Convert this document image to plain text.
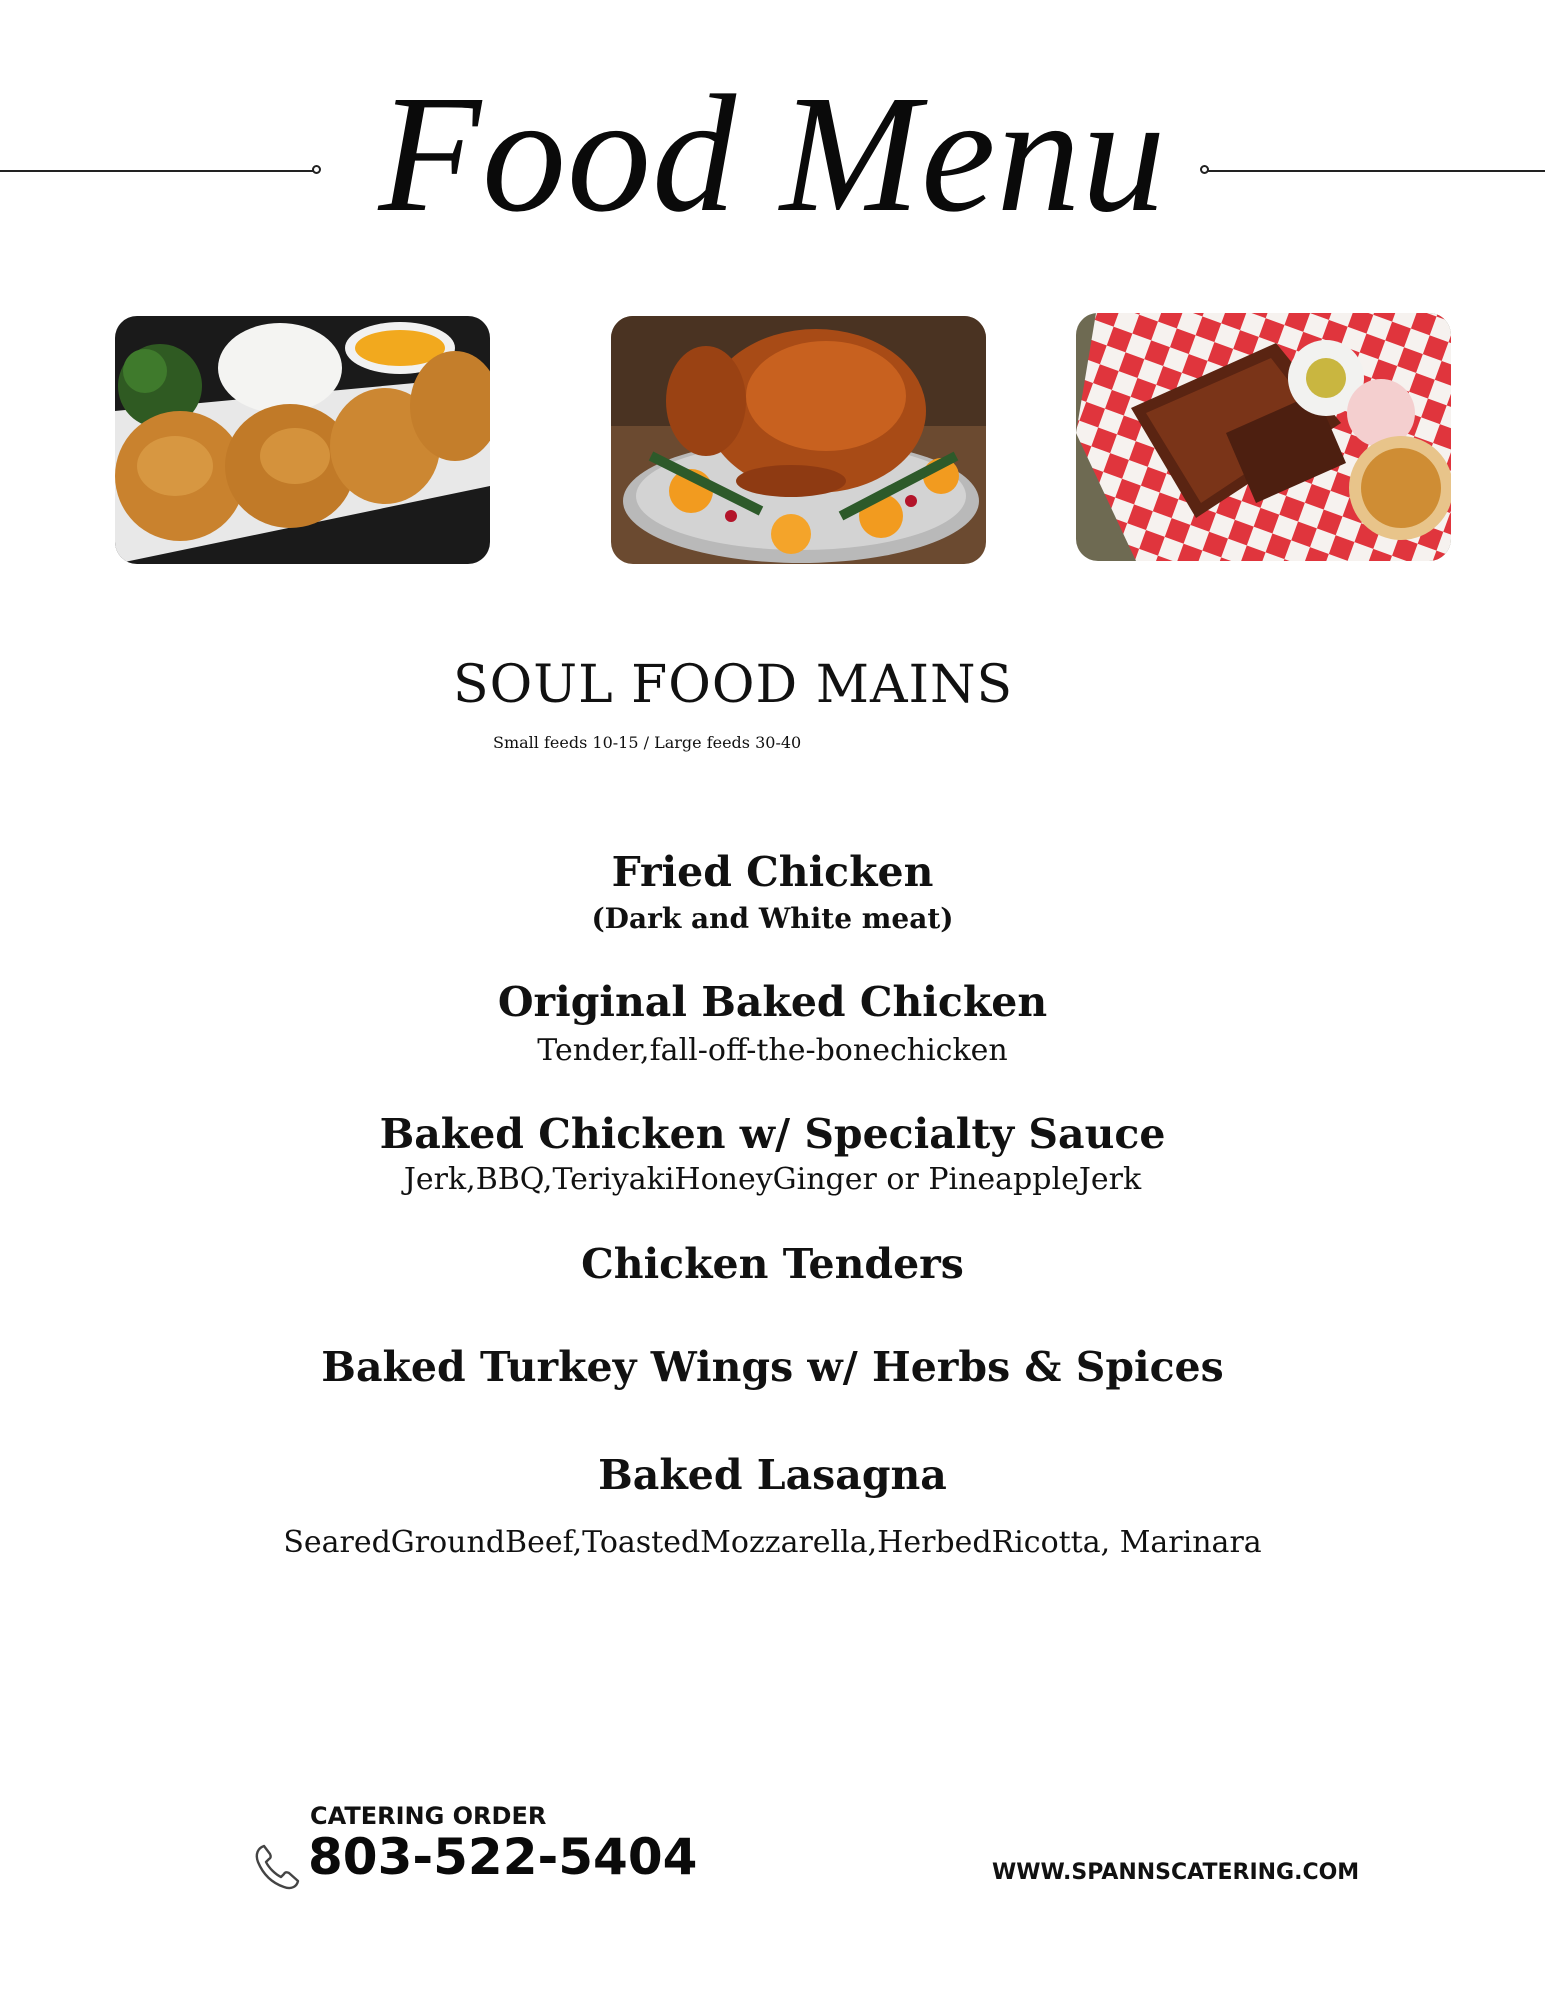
Food Menu
SOUL FOOD MAINS
Small feeds 10-15 / Large feeds 30-40
Fried Chicken
(Dark and White meat)
Original Baked Chicken
Tender,fall-off-the-bonechicken
Baked Chicken w/ Specialty Sauce
Jerk,BBQ,TeriyakiHoneyGinger or PineappleJerk
Chicken Tenders
Baked Turkey Wings w/ Herbs & Spices
Baked Lasagna
SearedGroundBeef,ToastedMozzarella,HerbedRicotta, Marinara
CATERING ORDER
803-522-5404	WWW.SPANNSCATERING.COM
